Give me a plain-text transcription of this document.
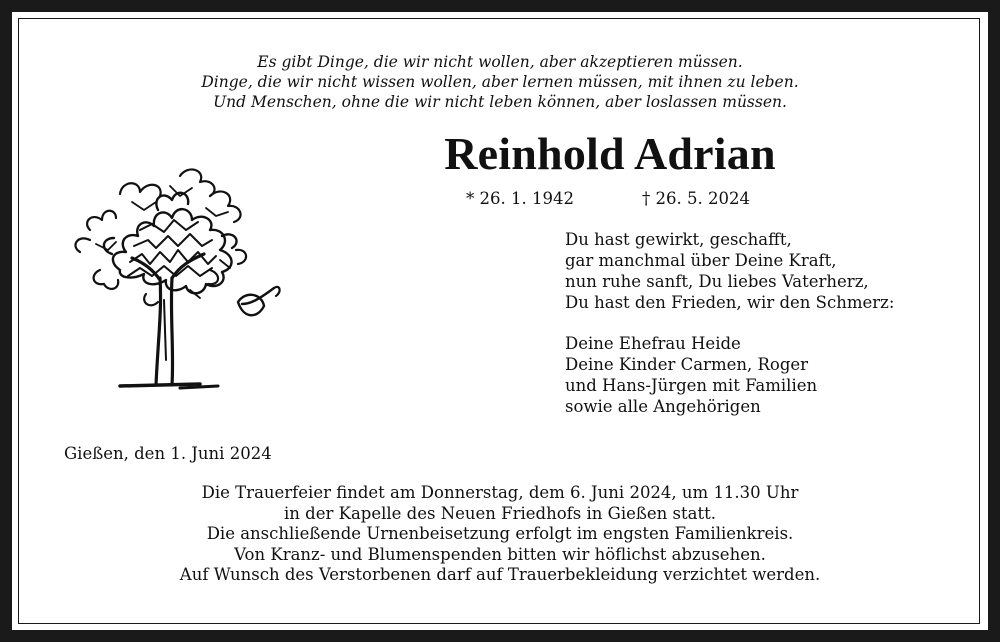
Es gibt Dinge, die wir nicht wollen, aber akzeptieren müssen.
Dinge, die wir nicht wissen wollen, aber lernen müssen, mit ihnen zu leben.
Und Menschen, ohne die wir nicht leben können, aber loslassen müssen.
Reinhold Adrian
* 26. 1. 1942	† 26. 5. 2024
Du hast gewirkt, geschafft,
gar manchmal über Deine Kraft,
nun ruhe sanft, Du liebes Vaterherz,
Du hast den Frieden, wir den Schmerz:
Deine Ehefrau Heide
Deine Kinder Carmen, Roger
und Hans-Jürgen mit Familien
sowie alle Angehörigen
Gießen, den 1. Juni 2024
Die Trauerfeier findet am Donnerstag, dem 6. Juni 2024, um 11.30 Uhr
in der Kapelle des Neuen Friedhofs in Gießen statt.
Die anschließende Urnenbeisetzung erfolgt im engsten Familienkreis.
Von Kranz- und Blumenspenden bitten wir höflichst abzusehen.
Auf Wunsch des Verstorbenen darf auf Trauerbekleidung verzichtet werden.
